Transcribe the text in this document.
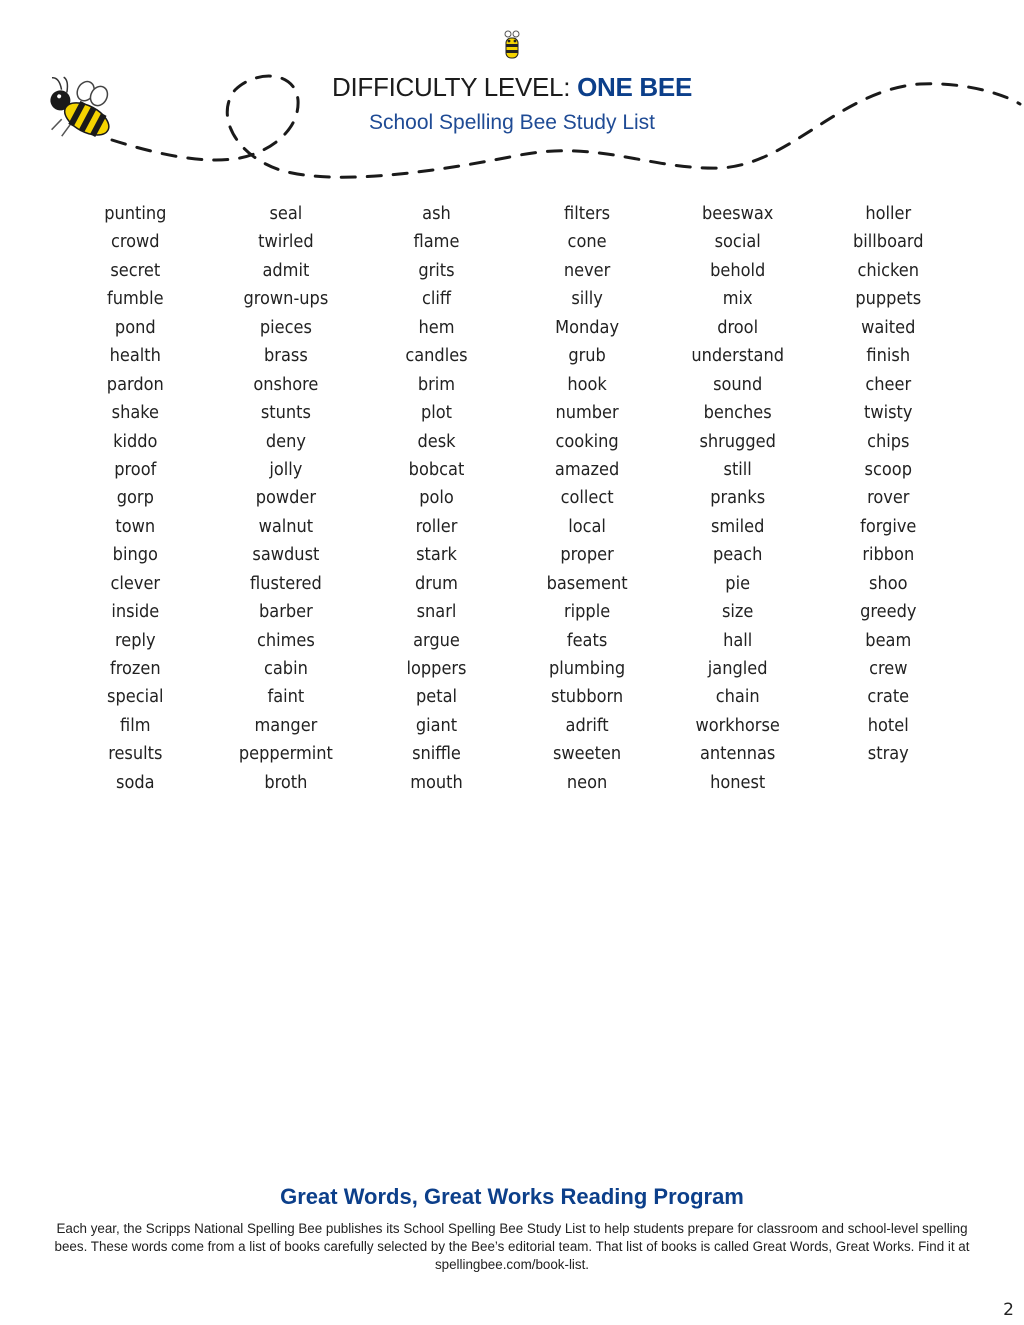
DIFFICULTY LEVEL: ONE BEE
School Spelling Bee Study List
punting
crowd
secret
fumble
pond
health
pardon
shake
kiddo
proof
gorp
town
bingo
clever
inside
reply
frozen
special
film
results
soda
seal
twirled
admit
grown-ups
pieces
brass
onshore
stunts
deny
jolly
powder
walnut
sawdust
flustered
barber
chimes
cabin
faint
manger
peppermint
broth
ash
flame
grits
cliff
hem
candles
brim
plot
desk
bobcat
polo
roller
stark
drum
snarl
argue
loppers
petal
giant
sniffle
mouth
filters
cone
never
silly
Monday
grub
hook
number
cooking
amazed
collect
local
proper
basement
ripple
feats
plumbing
stubborn
adrift
sweeten
neon
beeswax
social
behold
mix
drool
understand
sound
benches
shrugged
still
pranks
smiled
peach
pie
size
hall
jangled
chain
workhorse
antennas
honest
holler
billboard
chicken
puppets
waited
finish
cheer
twisty
chips
scoop
rover
forgive
ribbon
shoo
greedy
beam
crew
crate
hotel
stray
Great Words, Great Works Reading Program
Each year, the Scripps National Spelling Bee publishes its School Spelling Bee Study List to help students prepare for classroom and school-level spelling bees. These words come from a list of books carefully selected by the Bee’s editorial team. That list of books is called Great Words, Great Works. Find it at spellingbee.com/book-list.
2
